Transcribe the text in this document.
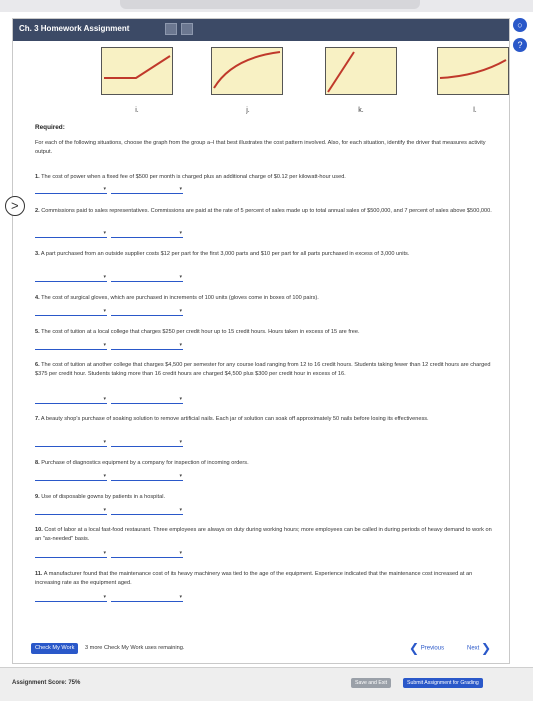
○
?
Ch. 3 Homework Assignment
i.	j.	k.	l.
Required:
For each of the following situations, choose the graph from the group a–l that best illustrates the cost pattern involved. Also, for each situation, identify the driver that measures activity output.
1. The cost of power when a fixed fee of $500 per month is charged plus an additional charge of $0.12 per kilowatt-hour used.
▾	▾
2. Commissions paid to sales representatives. Commissions are paid at the rate of 5 percent of sales made up to total annual sales of $500,000, and 7 percent of sales above $500,000.
▾	▾
3. A part purchased from an outside supplier costs $12 per part for the first 3,000 parts and $10 per part for all parts purchased in excess of 3,000 units.
▾	▾
4. The cost of surgical gloves, which are purchased in increments of 100 units (gloves come in boxes of 100 pairs).
▾	▾
5. The cost of tuition at a local college that charges $250 per credit hour up to 15 credit hours. Hours taken in excess of 15 are free.
▾	▾
6. The cost of tuition at another college that charges $4,500 per semester for any course load ranging from 12 to 16 credit hours. Students taking fewer than 12 credit hours are charged $375 per credit hour. Students taking more than 16 credit hours are charged $4,500 plus $300 per credit hour in excess of 16.
▾	▾
7. A beauty shop's purchase of soaking solution to remove artificial nails. Each jar of solution can soak off approximately 50 nails before losing its effectiveness.
▾	▾
8. Purchase of diagnostics equipment by a company for inspection of incoming orders.
▾	▾
9. Use of disposable gowns by patients in a hospital.
▾	▾
10. Cost of labor at a local fast-food restaurant. Three employees are always on duty during working hours; more employees can be called in during periods of heavy demand to work on an "as-needed" basis.
▾	▾
11. A manufacturer found that the maintenance cost of its heavy machinery was tied to the age of the equipment. Experience indicated that the maintenance cost increased at an increasing rate as the equipment aged.
▾	▾
Check My Work	3 more Check My Work uses remaining.	❮ Previous	Next ❯
>
Assignment Score: 75%	Save and Exit	Submit Assignment for Grading
